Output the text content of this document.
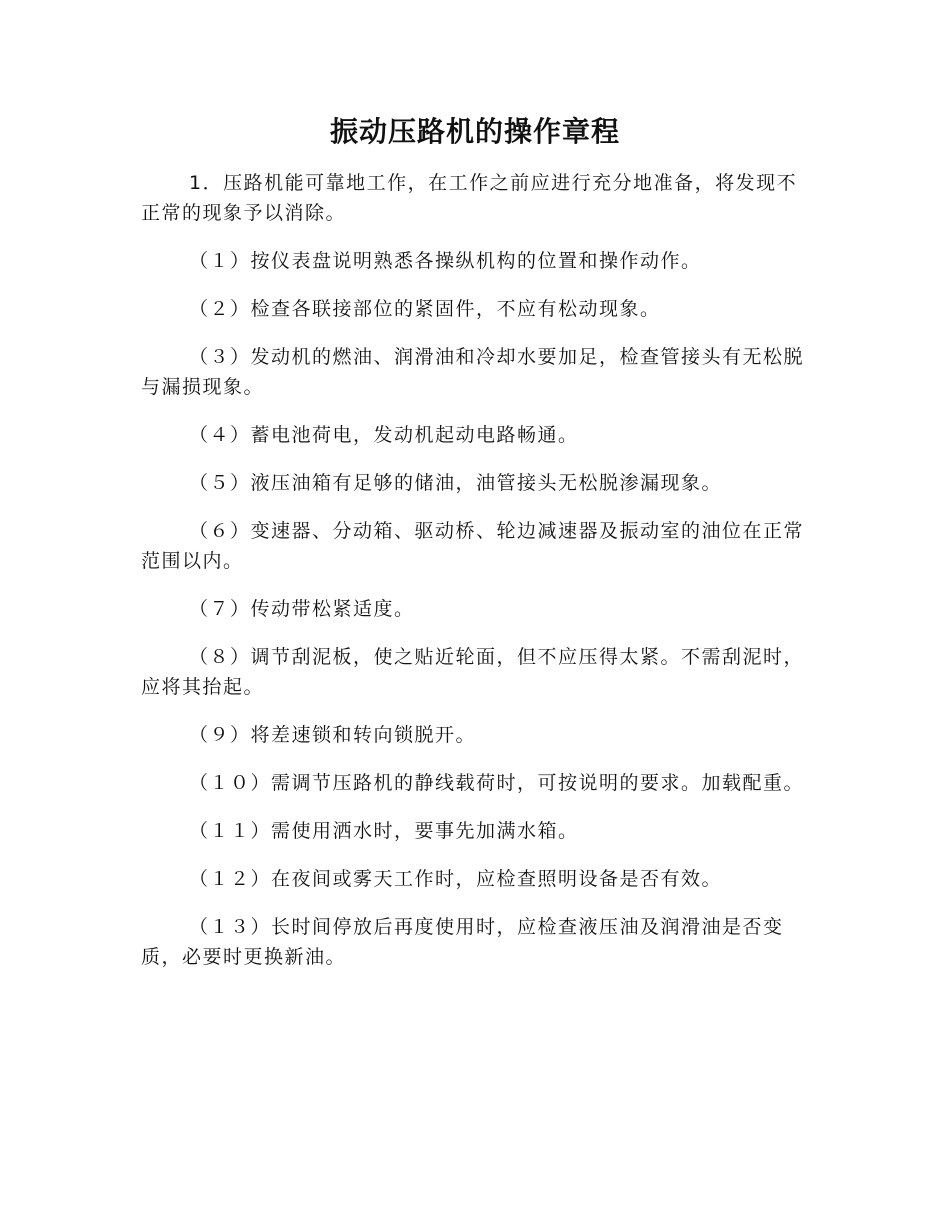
振动压路机的操作章程

1．压路机能可靠地工作，在工作之前应进行充分地准备，将发现不正常的现象予以消除。

（１）按仪表盘说明熟悉各操纵机构的位置和操作动作。

（２）检查各联接部位的紧固件，不应有松动现象。

（３）发动机的燃油、润滑油和冷却水要加足，检查管接头有无松脱与漏损现象。

（４）蓄电池荷电，发动机起动电路畅通。

（５）液压油箱有足够的储油，油管接头无松脱渗漏现象。

（６）变速器、分动箱、驱动桥、轮边减速器及振动室的油位在正常范围以内。

（７）传动带松紧适度。

（８）调节刮泥板，使之贴近轮面，但不应压得太紧。不需刮泥时，应将其抬起。

（９）将差速锁和转向锁脱开。

（１０）需调节压路机的静线载荷时，可按说明的要求。加载配重。

（１１）需使用洒水时，要事先加满水箱。

（１２）在夜间或雾天工作时，应检查照明设备是否有效。

（１３）长时间停放后再度使用时，应检查液压油及润滑油是否变质，必要时更换新油。
